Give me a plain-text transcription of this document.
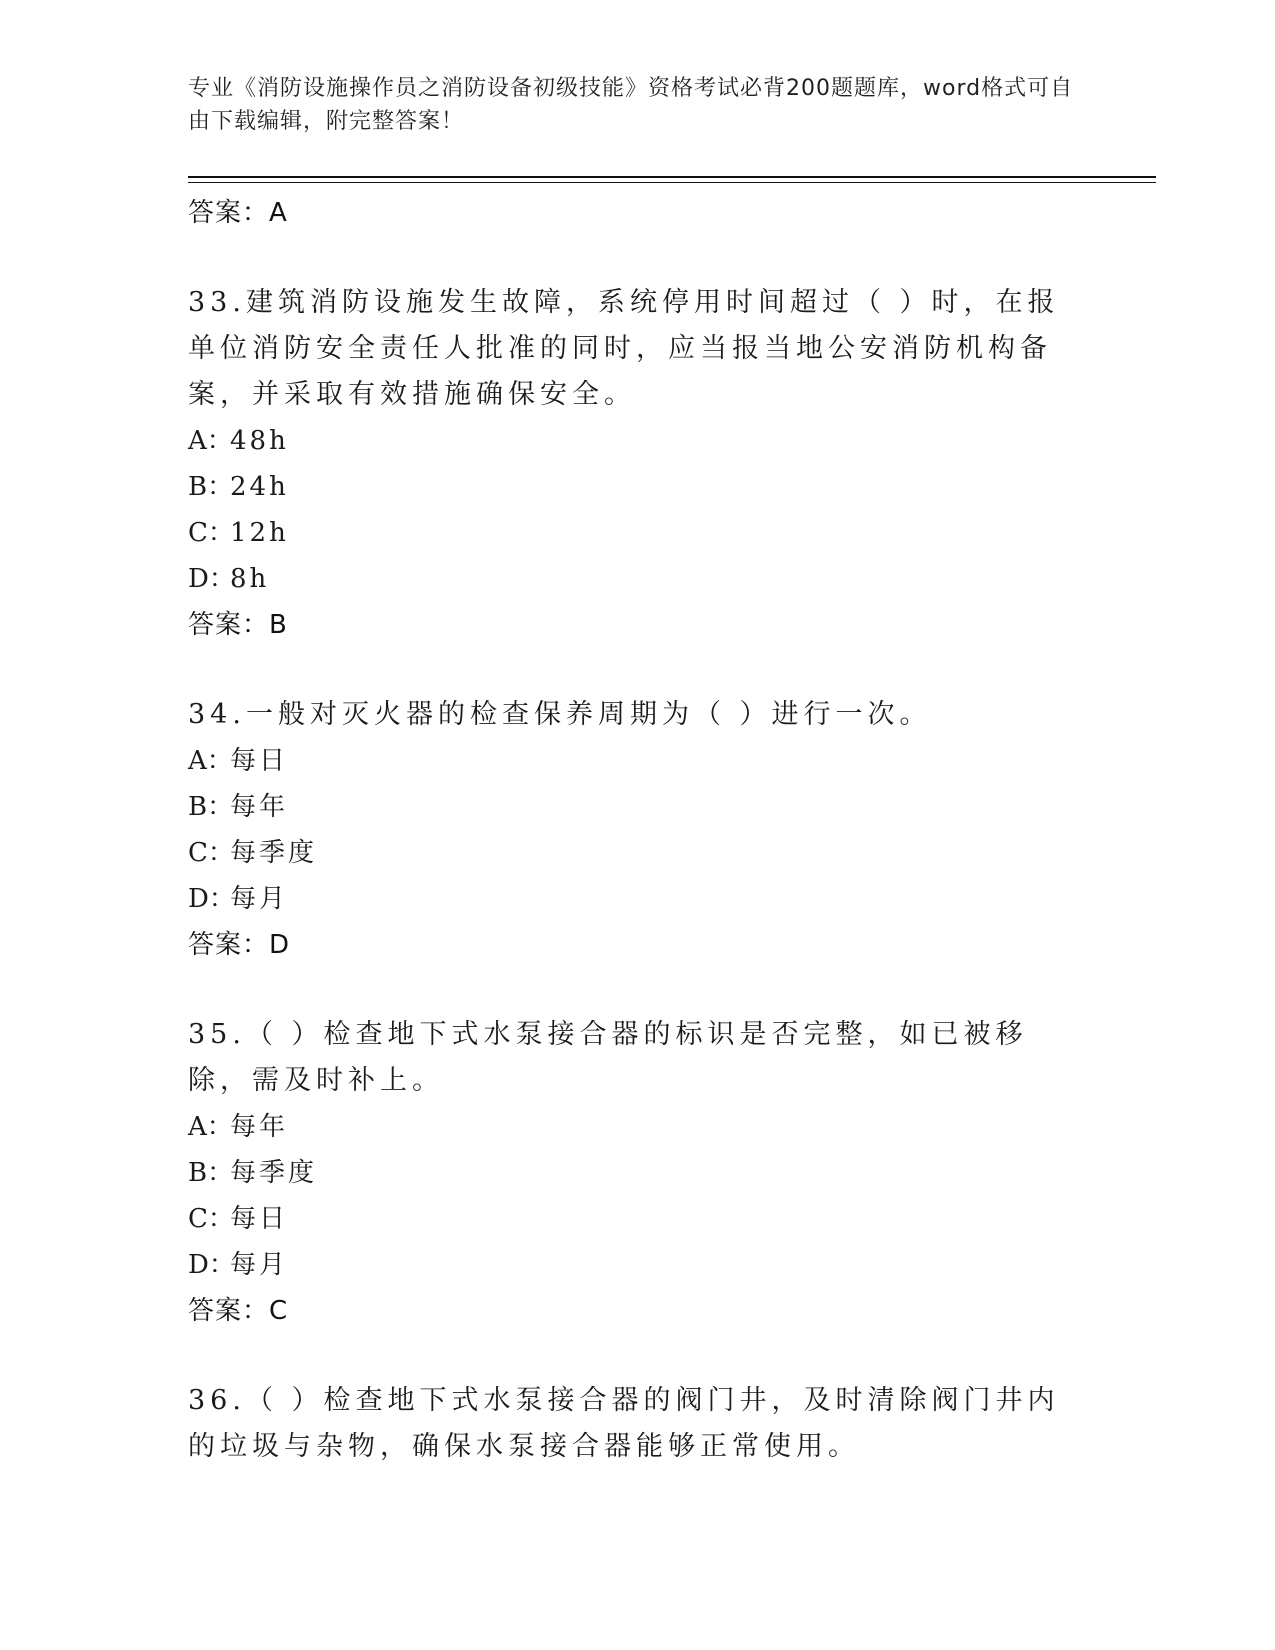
专业《消防设施操作员之消防设备初级技能》资格考试必背200题题库，word格式可自由下载编辑，附完整答案！
答案：A

33.建筑消防设施发生故障，系统停用时间超过（ ）时，在报单位消防安全责任人批准的同时，应当报当地公安消防机构备案，并采取有效措施确保安全。

A：48h
B：24h
C：12h
D：8h
答案：B

34.一般对灭火器的检查保养周期为（ ）进行一次。

A：每日
B：每年
C：每季度
D：每月
答案：D

35.（ ）检查地下式水泵接合器的标识是否完整，如已被移除，需及时补上。

A：每年
B：每季度
C：每日
D：每月
答案：C

36.（ ）检查地下式水泵接合器的阀门井，及时清除阀门井内的垃圾与杂物，确保水泵接合器能够正常使用。
